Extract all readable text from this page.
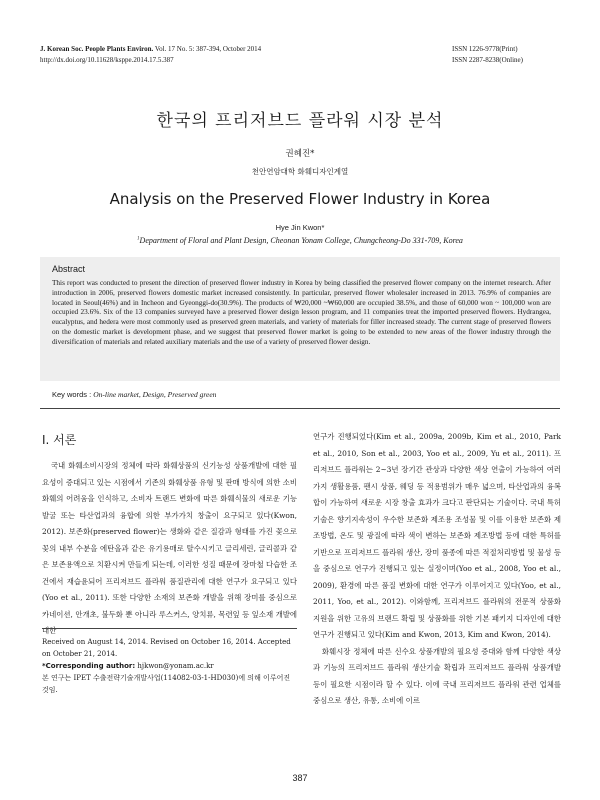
J. Korean Soc. People Plants Environ. Vol. 17 No. 5: 387-394, October 2014
http://dx.doi.org/10.11628/ksppe.2014.17.5.387
ISSN 1226-9778(Print)
ISSN 2287-8238(Online)
한국의 프리저브드 플라워 시장 분석
권혜진*
천안연암대학 화훼디자인계열
Analysis on the Preserved Flower Industry in Korea
Hye Jin Kwon*
$^1$Department of Floral and Plant Design, Cheonan Yonam College, Chungcheong-Do 331-709, Korea
Abstract
This report was conducted to present the direction of preserved flower industry in Korea by being classified the preserved flower company on the internet research. After introduction in 2006, preserved flowers domestic market increased consistently. In particular, preserved flower wholesaler increased in 2013. 76.9% of companies are located in Seoul(46%) and in Incheon and Gyeonggi-do(30.9%). The products of ₩20,000 ~₩60,000 are occupied 38.5%, and those of 60,000 won ~ 100,000 won are occupied 23.6%. Six of the 13 companies surveyed have a preserved flower design lesson program, and 11 companies treat the imported preserved flowers. Hydrangea, eucalyptus, and hedera were most commonly used as preserved green materials, and variety of materials for filler increased steady. The current stage of preserved flowers on the domestic market is development phase, and we suggest that preserved flower market is going to be extended to new areas of the flower industry through the diversification of materials and related auxiliary materials and the use of a variety of preserved flower design.
Key words : On-line market, Design, Preserved green
Ⅰ. 서론

국내 화훼소비시장의 정체에 따라 화훼상품의 신기능성 상품개발에 대한 필요성이 증대되고 있는 시점에서 기존의 화훼상품 유형 및 판매 방식에 의한 소비 화훼의 어려움을 인식하고, 소비자 트랜드 변화에 따른 화훼식물의 새로운 기능 발굴 또는 타산업과의 융합에 의한 부가가치 창출이 요구되고 있다(Kwon, 2012). 보존화(preserved flower)는 생화와 같은 질감과 형태를 가진 꽃으로 꽃의 내부 수분을 에탄올과 같은 유기용매로 탈수시키고 글리세린, 글리콜과 같은 보존용액으로 치환시켜 만들게 되는데, 이러한 성질 때문에 장마철 다습한 조건에서 재습윤되어 프리저브드 플라워 품질관리에 대한 연구가 요구되고 있다(Yoo et al., 2011). 또한 다양한 소재의 보존화 개발을 위해 장미를 중심으로 카네이션, 안개초, 불두화 뿐 아니라 루스커스, 양치류, 목련잎 등 잎소재 개발에 대한

Received on August 14, 2014. Revised on October 16, 2014. Accepted on October 21, 2014.
*Corresponding author: hjkwon@yonam.ac.kr
본 연구는 IPET 수출전략기술개발사업(114082-03-1-HD030)에 의해 이루어진 것임.

연구가 진행되었다(Kim et al., 2009a, 2009b, Kim et al., 2010, Park et al., 2010, Son et al., 2003, Yoo et al., 2009, Yu et al., 2011). 프리저브드 플라워는 2~3년 장기간 관상과 다양한 색상 연출이 가능하여 여러 가지 생활용품, 팬시 상품, 웨딩 등 적용범위가 매우 넓으며, 타산업과의 융복합이 가능하여 새로운 시장 창출 효과가 크다고 판단되는 기술이다. 국내 특허기술은 향기지속성이 우수한 보존화 제조용 조성물 및 이를 이용한 보존화 제조방법, 온도 및 광질에 따라 색이 변하는 보존화 제조방법 등에 대한 특허를 기반으로 프리저브드 플라워 생산, 장미 품종에 따른 적절처리방법 및 물성 등을 중심으로 연구가 진행되고 있는 실정이며(Yoo et al., 2008, Yoo et al., 2009), 환경에 따른 품질 변화에 대한 연구가 이루어지고 있다(Yoo, et al., 2011, Yoo, et al., 2012). 이와함께, 프리저브드 플라워의 전문적 상품화 지원을 위한 고유의 브랜드 확립 및 상품화를 위한 기본 패키지 디자인에 대한 연구가 진행되고 있다(Kim and Kwon, 2013, Kim and Kwon, 2014).

화훼시장 정체에 따른 신수요 상품개발의 필요성 증대와 함께 다양한 색상과 기능의 프리저브드 플라워 생산기술 확립과 프리저브드 플라워 상품개발 등이 필요한 시점이라 할 수 있다. 이에 국내 프리저브드 플라워 관련 업체를 중심으로 생산, 유통, 소비에 이르

387
